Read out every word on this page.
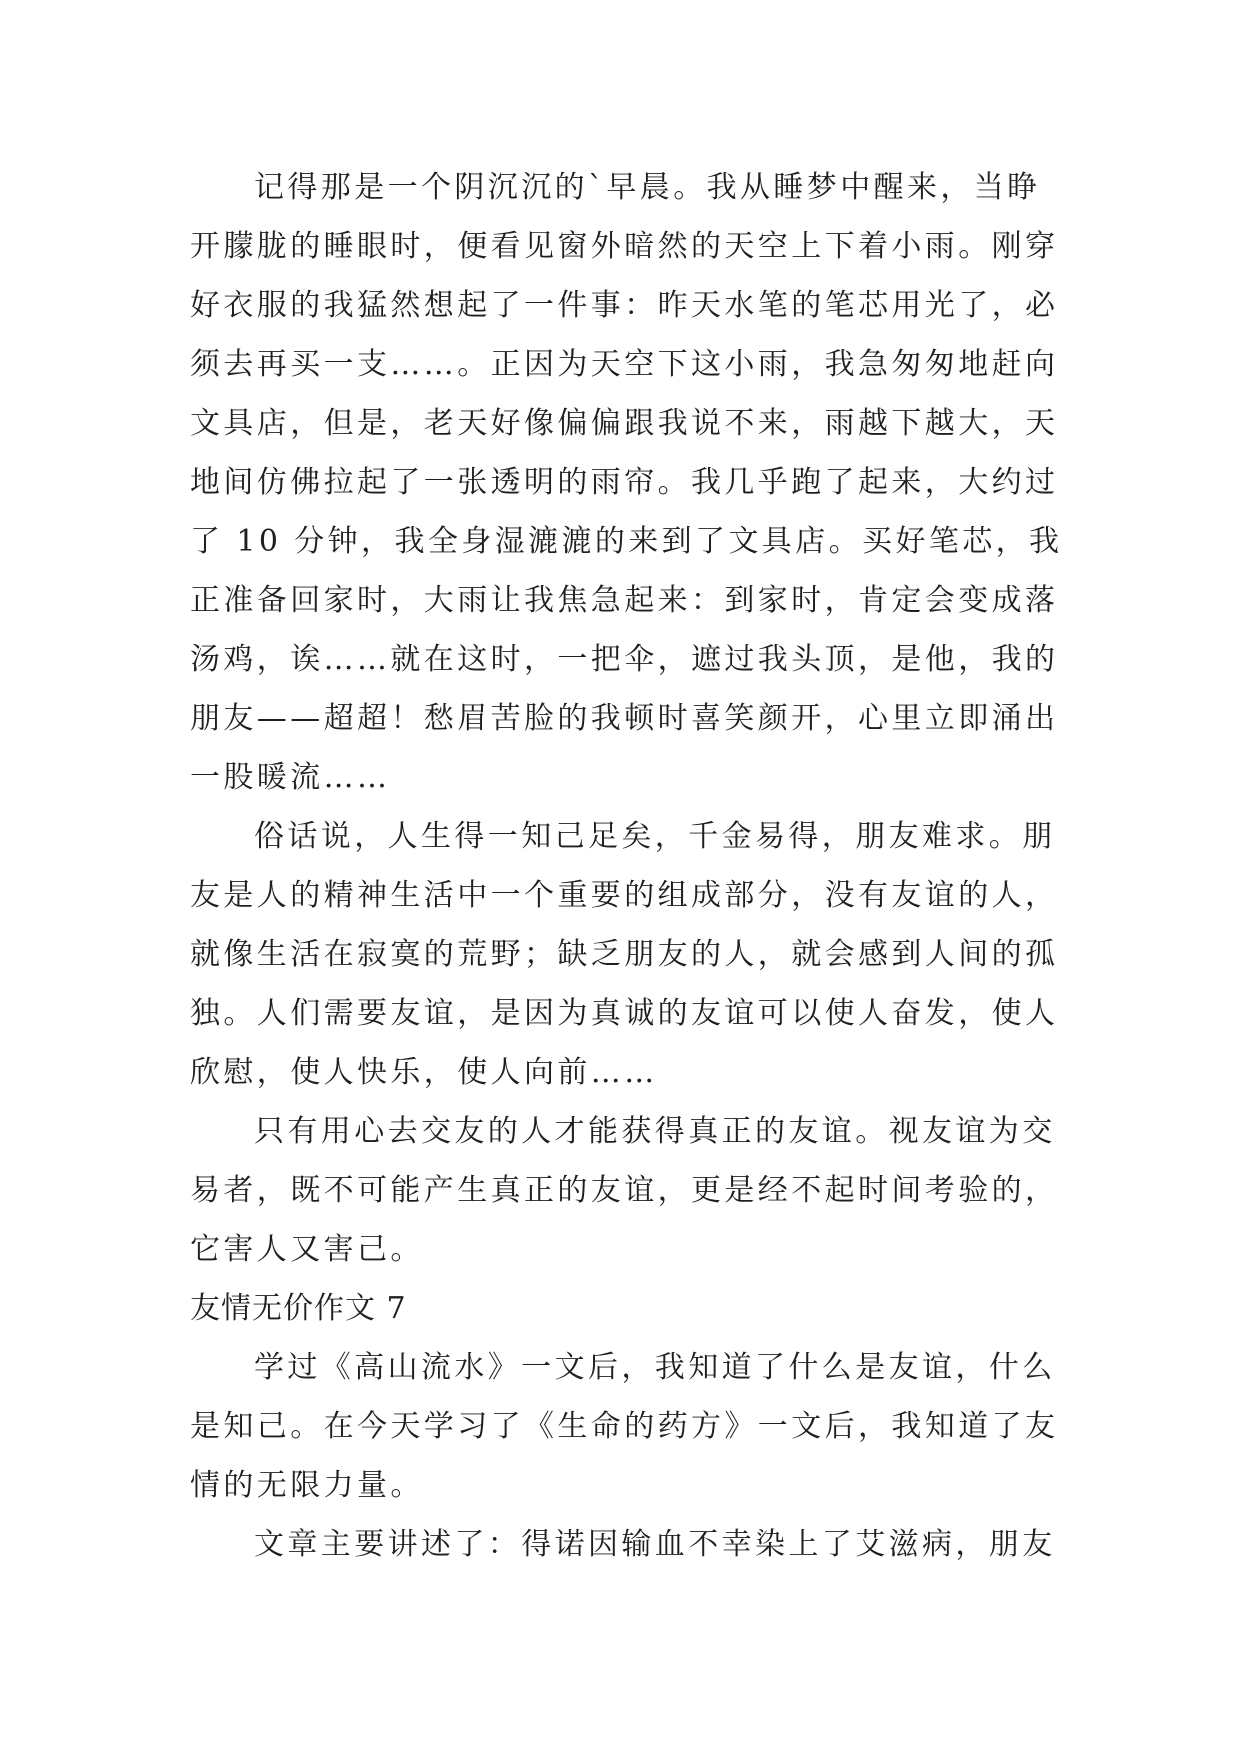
记得那是一个阴沉沉的`早晨。我从睡梦中醒来，当睁
开朦胧的睡眼时，便看见窗外暗然的天空上下着小雨。刚穿
好衣服的我猛然想起了一件事：昨天水笔的笔芯用光了，必
须去再买一支……。正因为天空下这小雨，我急匆匆地赶向
文具店，但是，老天好像偏偏跟我说不来，雨越下越大，天
地间仿佛拉起了一张透明的雨帘。我几乎跑了起来，大约过
了 10 分钟，我全身湿漉漉的来到了文具店。买好笔芯，我
正准备回家时，大雨让我焦急起来：到家时，肯定会变成落
汤鸡，诶……就在这时，一把伞，遮过我头顶，是他，我的
朋友——超超！愁眉苦脸的我顿时喜笑颜开，心里立即涌出
一股暖流……
俗话说，人生得一知己足矣，千金易得，朋友难求。朋
友是人的精神生活中一个重要的组成部分，没有友谊的人，
就像生活在寂寞的荒野；缺乏朋友的人，就会感到人间的孤
独。人们需要友谊，是因为真诚的友谊可以使人奋发，使人
欣慰，使人快乐，使人向前……
只有用心去交友的人才能获得真正的友谊。视友谊为交
易者，既不可能产生真正的友谊，更是经不起时间考验的，
它害人又害己。
友情无价作文 7
学过《高山流水》一文后，我知道了什么是友谊，什么
是知己。在今天学习了《生命的药方》一文后，我知道了友
情的无限力量。
文章主要讲述了：得诺因输血不幸染上了艾滋病，朋友
